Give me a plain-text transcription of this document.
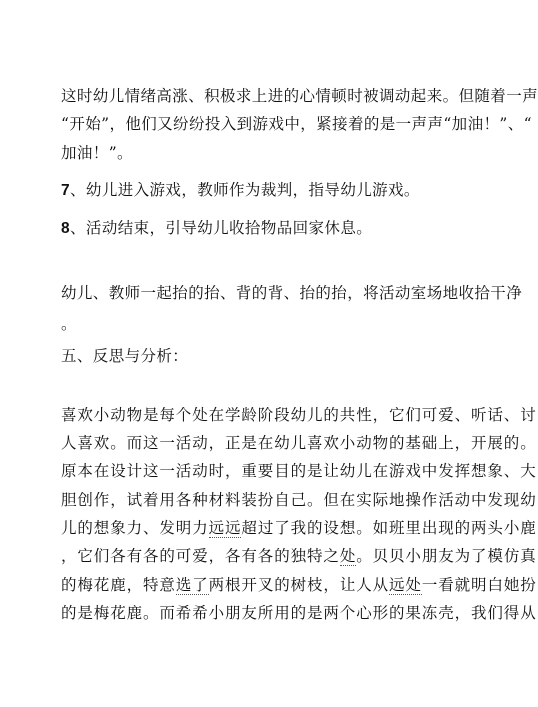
这时幼儿情绪高涨、积极求上进的心情顿时被调动起来。但随着一声
“开始”，他们又纷纷投入到游戏中，紧接着的是一声声“加油！”、“
加油！”。
7、幼儿进入游戏，教师作为裁判，指导幼儿游戏。
8、活动结束，引导幼儿收拾物品回家休息。
幼儿、教师一起抬的抬、背的背、抬的抬，将活动室场地收拾干净
。
五、反思与分析：
喜欢小动物是每个处在学龄阶段幼儿的共性，它们可爱、听话、讨
人喜欢。而这一活动，正是在幼儿喜欢小动物的基础上，开展的。
原本在设计这一活动时，重要目的是让幼儿在游戏中发挥想象、大
胆创作，试着用各种材料装扮自己。但在实际地操作活动中发现幼
儿的想象力、发明力远远超过了我的设想。如班里出现的两头小鹿
，它们各有各的可爱，各有各的独特之处。贝贝小朋友为了模仿真
的梅花鹿，特意选了两根开叉的树枝，让人从远处一看就明白她扮
的是梅花鹿。而希希小朋友所用的是两个心形的果冻壳，我们得从
